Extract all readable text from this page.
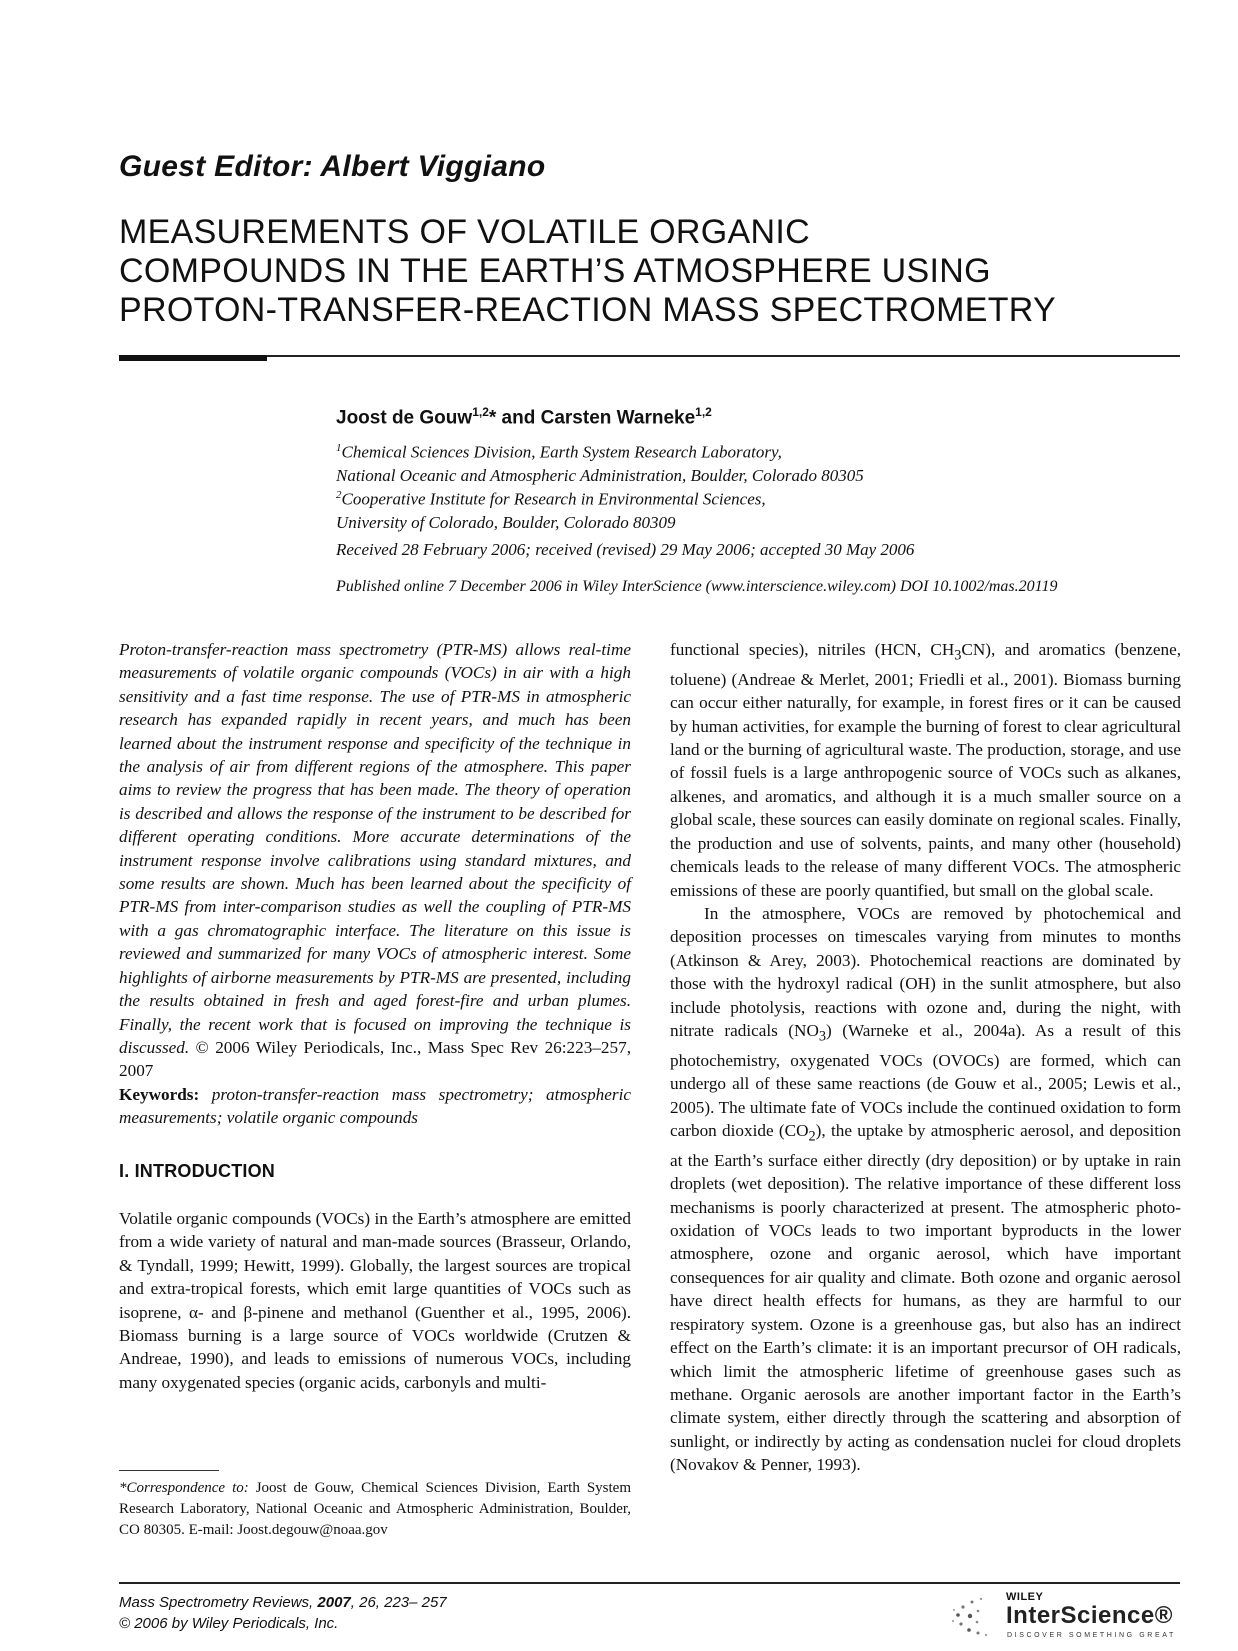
Guest Editor: Albert Viggiano
MEASUREMENTS OF VOLATILE ORGANIC
COMPOUNDS IN THE EARTH’S ATMOSPHERE USING
PROTON-TRANSFER-REACTION MASS SPECTROMETRY
Joost de Gouw$^{1,2}$* and Carsten Warneke$^{1,2}$
$^1$Chemical Sciences Division, Earth System Research Laboratory,
National Oceanic and Atmospheric Administration, Boulder, Colorado 80305
$^2$Cooperative Institute for Research in Environmental Sciences,
University of Colorado, Boulder, Colorado 80309
Received 28 February 2006; received (revised) 29 May 2006; accepted 30 May 2006
Published online 7 December 2006 in Wiley InterScience (www.interscience.wiley.com) DOI 10.1002/mas.20119

Proton-transfer-reaction mass spectrometry (PTR-MS) allows real-time measurements of volatile organic compounds (VOCs) in air with a high sensitivity and a fast time response. The use of PTR-MS in atmospheric research has expanded rapidly in recent years, and much has been learned about the instrument response and specificity of the technique in the analysis of air from different regions of the atmosphere. This paper aims to review the progress that has been made. The theory of operation is described and allows the response of the instrument to be described for different operating conditions. More accurate determinations of the instrument response involve calibrations using standard mixtures, and some results are shown. Much has been learned about the specificity of PTR-MS from inter-comparison studies as well the coupling of PTR-MS with a gas chromatographic interface. The literature on this issue is reviewed and summarized for many VOCs of atmospheric interest. Some highlights of airborne measurements by PTR-MS are presented, including the results obtained in fresh and aged forest-fire and urban plumes. Finally, the recent work that is focused on improving the technique is discussed. © 2006 Wiley Periodicals, Inc., Mass Spec Rev 26:223–257, 2007

Keywords: proton-transfer-reaction mass spectrometry; atmospheric measurements; volatile organic compounds

I. INTRODUCTION

Volatile organic compounds (VOCs) in the Earth’s atmosphere are emitted from a wide variety of natural and man-made sources (Brasseur, Orlando, & Tyndall, 1999; Hewitt, 1999). Globally, the largest sources are tropical and extra-tropical forests, which emit large quantities of VOCs such as isoprene, α- and β-pinene and methanol (Guenther et al., 1995, 2006). Biomass burning is a large source of VOCs worldwide (Crutzen & Andreae, 1990), and leads to emissions of numerous VOCs, including many oxygenated species (organic acids, carbonyls and multi-

*Correspondence to: Joost de Gouw, Chemical Sciences Division, Earth System Research Laboratory, National Oceanic and Atmospheric Administration, Boulder, CO 80305. E-mail: Joost.degouw@noaa.gov

functional species), nitriles (HCN, $CH_3CN$), and aromatics (benzene, toluene) (Andreae & Merlet, 2001; Friedli et al., 2001). Biomass burning can occur either naturally, for example, in forest fires or it can be caused by human activities, for example the burning of forest to clear agricultural land or the burning of agricultural waste. The production, storage, and use of fossil fuels is a large anthropogenic source of VOCs such as alkanes, alkenes, and aromatics, and although it is a much smaller source on a global scale, these sources can easily dominate on regional scales. Finally, the production and use of solvents, paints, and many other (household) chemicals leads to the release of many different VOCs. The atmospheric emissions of these are poorly quantified, but small on the global scale.

In the atmosphere, VOCs are removed by photochemical and deposition processes on timescales varying from minutes to months (Atkinson & Arey, 2003). Photochemical reactions are dominated by those with the hydroxyl radical (OH) in the sunlit atmosphere, but also include photolysis, reactions with ozone and, during the night, with nitrate radicals $(NO_3)$ (Warneke et al., 2004a). As a result of this photochemistry, oxygenated VOCs (OVOCs) are formed, which can undergo all of these same reactions (de Gouw et al., 2005; Lewis et al., 2005). The ultimate fate of VOCs include the continued oxidation to form carbon dioxide $(CO_2)$, the uptake by atmospheric aerosol, and deposition at the Earth’s surface either directly (dry deposition) or by uptake in rain droplets (wet deposition). The relative importance of these different loss mechanisms is poorly characterized at present. The atmospheric photo-oxidation of VOCs leads to two important byproducts in the lower atmosphere, ozone and organic aerosol, which have important consequences for air quality and climate. Both ozone and organic aerosol have direct health effects for humans, as they are harmful to our respiratory system. Ozone is a greenhouse gas, but also has an indirect effect on the Earth’s climate: it is an important precursor of OH radicals, which limit the atmospheric lifetime of greenhouse gases such as methane. Organic aerosols are another important factor in the Earth’s climate system, either directly through the scattering and absorption of sunlight, or indirectly by acting as condensation nuclei for cloud droplets (Novakov & Penner, 1993).

Mass Spectrometry Reviews, 2007, 26, 223– 257
© 2006 by Wiley Periodicals, Inc.
WILEY
InterScience®
DISCOVER SOMETHING GREAT
